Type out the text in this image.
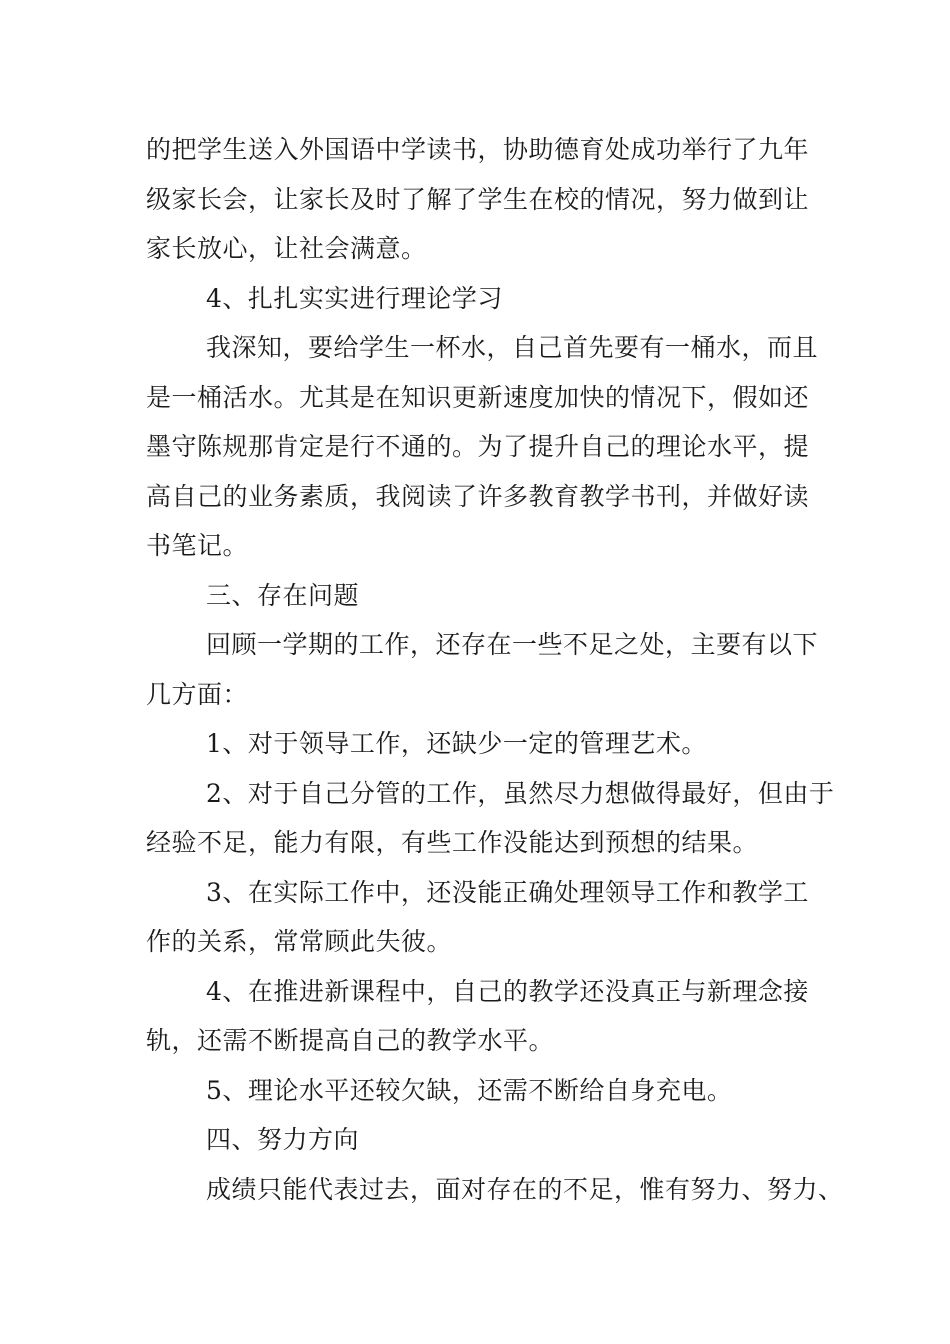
的把学生送入外国语中学读书，协助德育处成功举行了九年
级家长会，让家长及时了解了学生在校的情况，努力做到让
家长放心，让社会满意。
4、扎扎实实进行理论学习
我深知，要给学生一杯水，自己首先要有一桶水，而且
是一桶活水。尤其是在知识更新速度加快的情况下，假如还
墨守陈规那肯定是行不通的。为了提升自己的理论水平，提
高自己的业务素质，我阅读了许多教育教学书刊，并做好读
书笔记。
三、存在问题
回顾一学期的工作，还存在一些不足之处，主要有以下
几方面：
1、对于领导工作，还缺少一定的管理艺术。
2、对于自己分管的工作，虽然尽力想做得最好，但由于
经验不足，能力有限，有些工作没能达到预想的结果。
3、在实际工作中，还没能正确处理领导工作和教学工
作的关系，常常顾此失彼。
4、在推进新课程中，自己的教学还没真正与新理念接
轨，还需不断提高自己的教学水平。
5、理论水平还较欠缺，还需不断给自身充电。
四、努力方向
成绩只能代表过去，面对存在的不足，惟有努力、努力、
